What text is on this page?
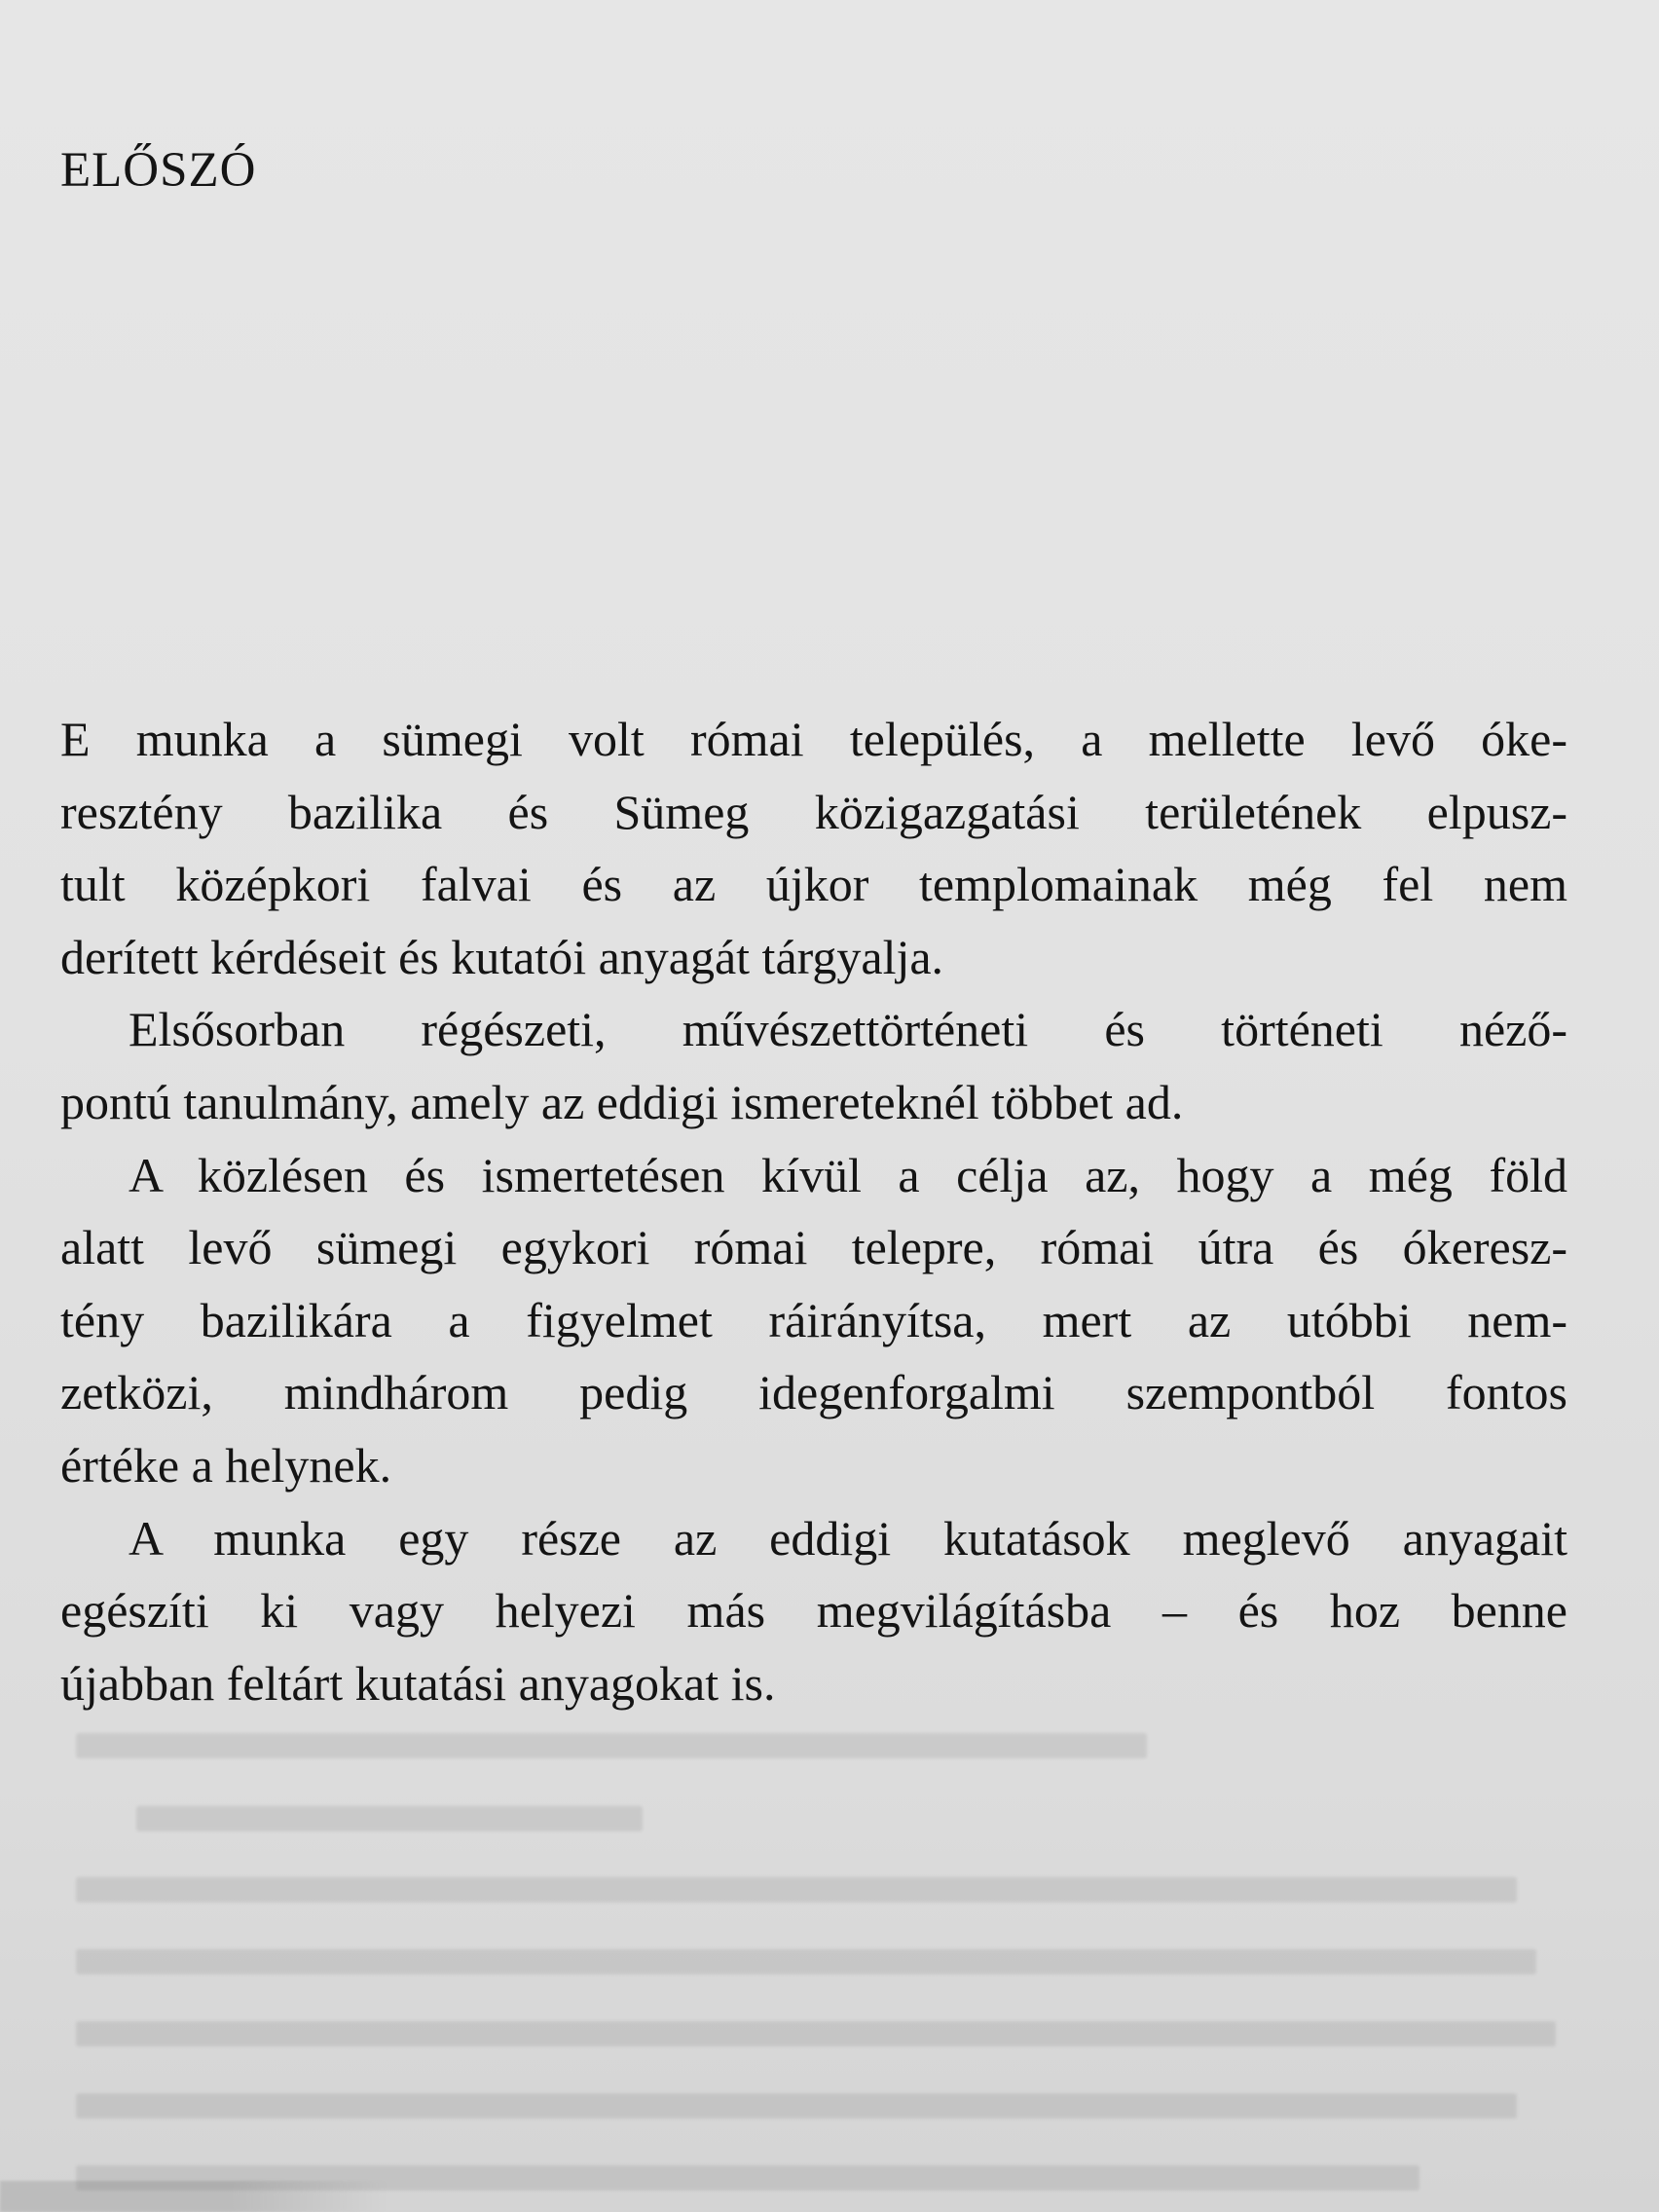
ELŐSZÓ
E munka a sümegi volt római település, a mellette levő óke-
resztény bazilika és Sümeg közigazgatási területének elpusz-
tult középkori falvai és az újkor templomainak még fel nem
derített kérdéseit és kutatói anyagát tárgyalja.
Elsősorban régészeti, művészettörténeti és történeti néző-
pontú tanulmány, amely az eddigi ismereteknél többet ad.
A közlésen és ismertetésen kívül a célja az, hogy a még föld
alatt levő sümegi egykori római telepre, római útra és ókeresz-
tény bazilikára a figyelmet ráirányítsa, mert az utóbbi nem-
zetközi, mindhárom pedig idegenforgalmi szempontból fontos
értéke a helynek.
A munka egy része az eddigi kutatások meglevő anyagait
egészíti ki vagy helyezi más megvilágításba – és hoz benne
újabban feltárt kutatási anyagokat is.
